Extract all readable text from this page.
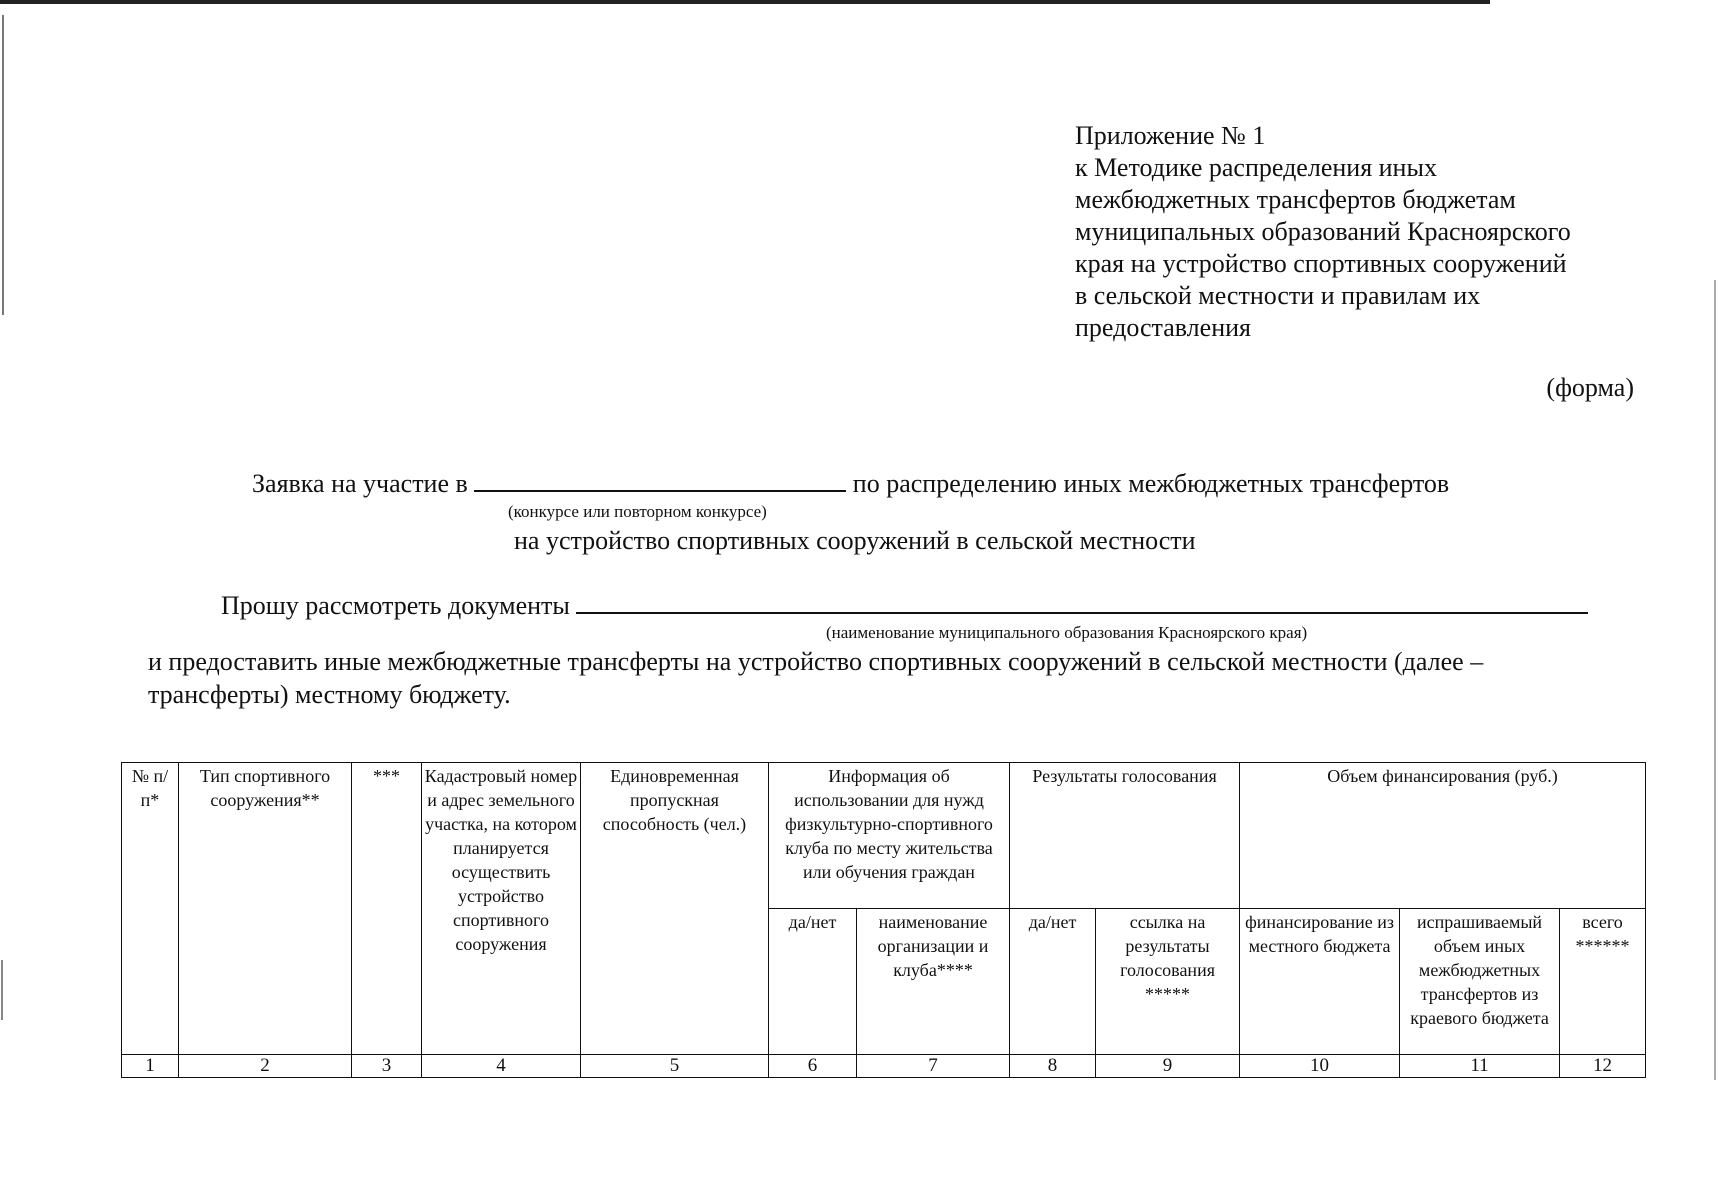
Приложение № 1
к Методике распределения иных
межбюджетных трансфертов бюджетам
муниципальных образований Красноярского
края на устройство спортивных сооружений
в сельской местности и правилам их
предоставления
(форма)
Заявка на участие в	по распределению иных межбюджетных трансфертов
(конкурсе или повторном конкурсе)
на устройство спортивных сооружений в сельской местности
Прошу рассмотреть документы
(наименование муниципального образования Красноярского края)
и предоставить иные межбюджетные трансферты на устройство спортивных сооружений в сельской местности (далее –
трансферты) местному бюджету.
№ п/п*	Тип спортивного сооружения**	***	Кадастровый номер и адрес земельного участка, на котором планируется осуществить устройство спортивного сооружения	Единовременная пропускная способность (чел.)	Информация об использовании для нужд физкультурно-спортивного клуба по месту жительства или обучения граждан		Результаты голосования		Объем финансирования (руб.)		
					да/нет	наименование организации и клуба****	да/нет	ссылка на результаты голосования *****	финансирование из местного бюджета	испрашиваемый объем иных межбюджетных трансфертов из краевого бюджета	всего ******
1	2	3	4	5	6	7	8	9	10	11	12
